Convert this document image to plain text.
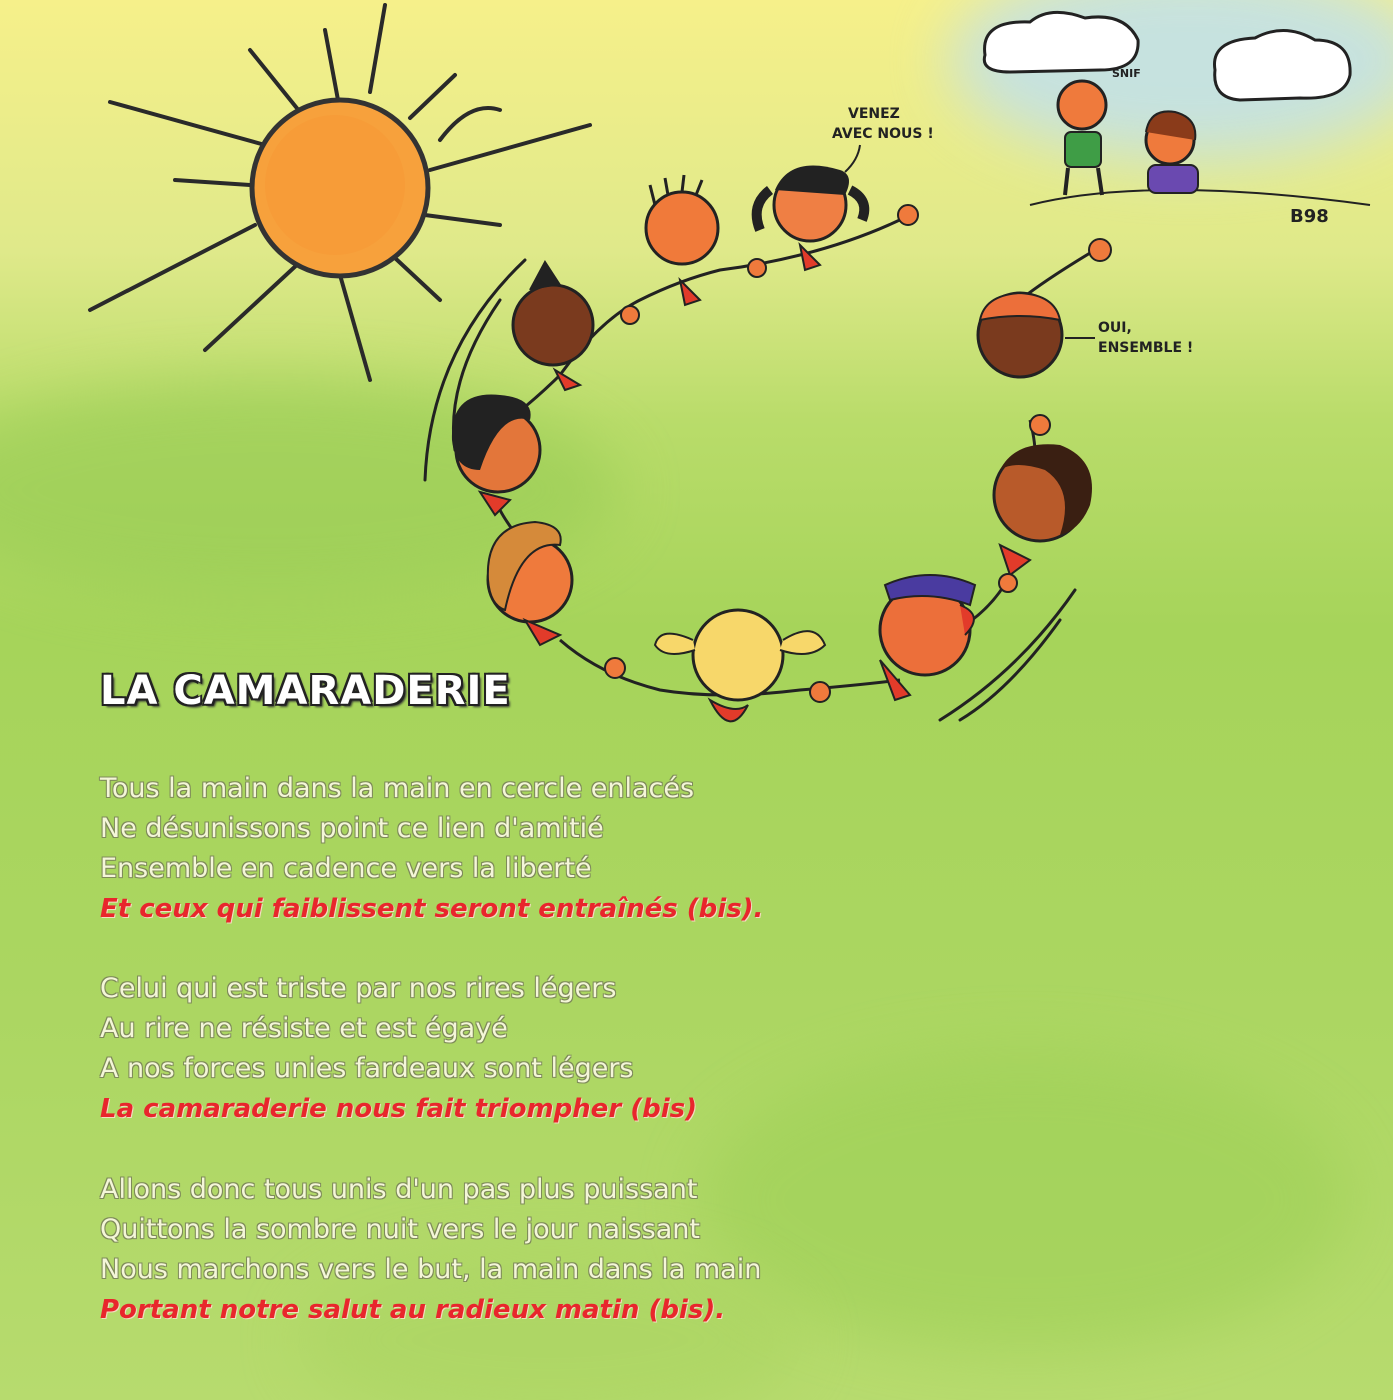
VENEZ
AVEC NOUS !
OUI,
ENSEMBLE !
SNIF
B98
LA CAMARADERIE
Tous la main dans la main en cercle enlacés
Ne désunissons point ce lien d'amitié
Ensemble en cadence vers la liberté
Et ceux qui faiblissent seront entraînés (bis).
Celui qui est triste par nos rires légers
Au rire ne résiste et est égayé
A nos forces unies fardeaux sont légers
La camaraderie nous fait triompher (bis)
Allons donc tous unis d'un pas plus puissant
Quittons la sombre nuit vers le jour naissant
Nous marchons vers le but, la main dans la main
Portant notre salut au radieux matin (bis).
